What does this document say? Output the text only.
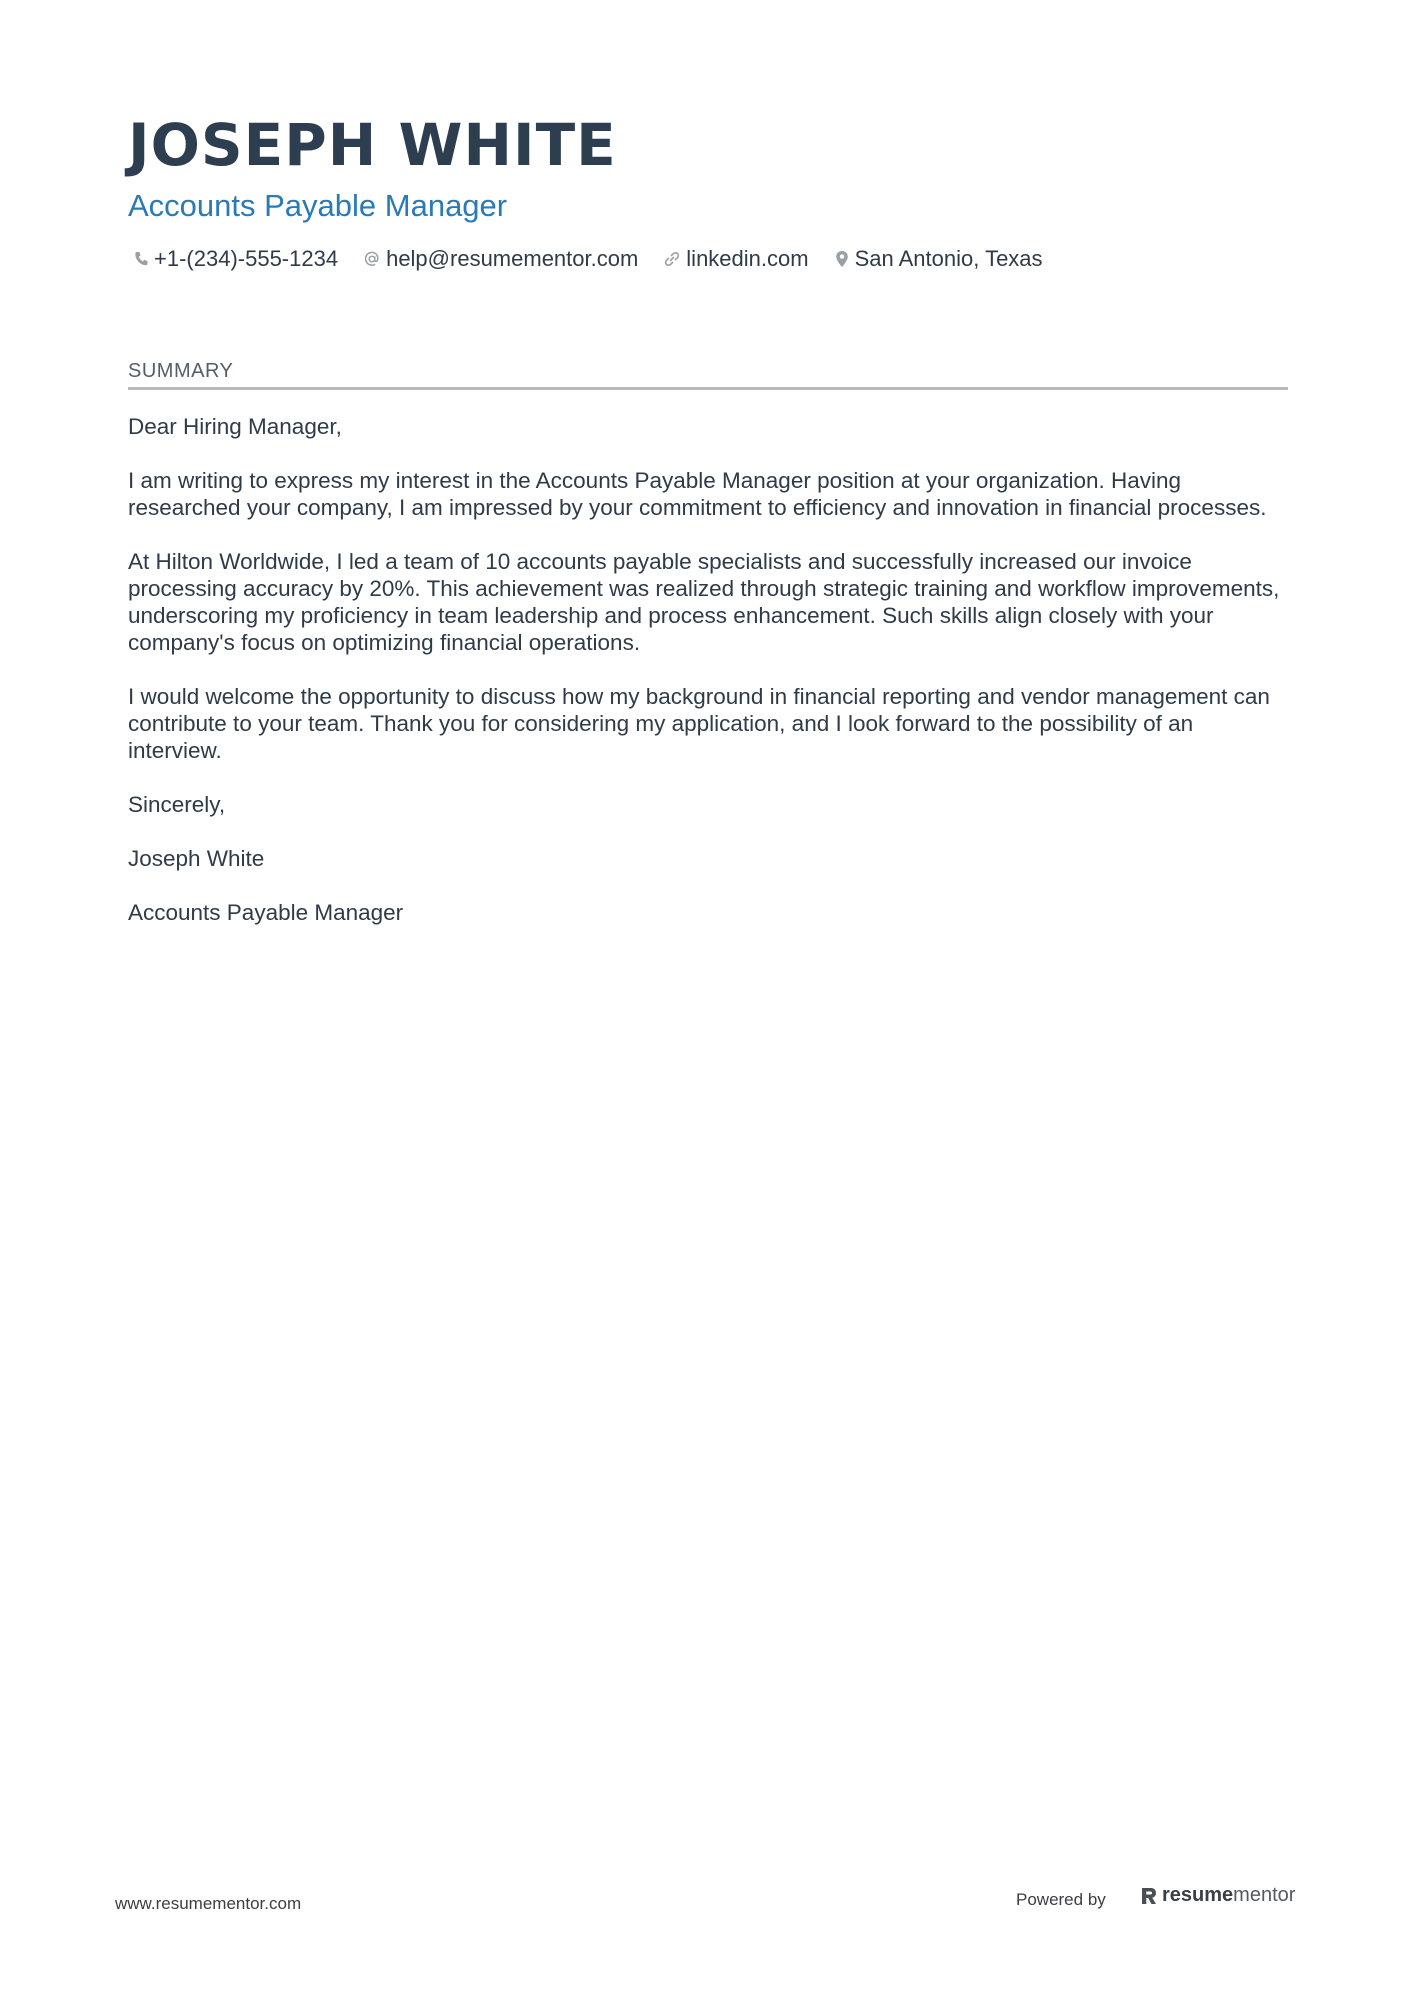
JOSEPH WHITE
Accounts Payable Manager
+1-(234)-555-1234 help@resumementor.com linkedin.com San Antonio, Texas
SUMMARY

Dear Hiring Manager,

I am writing to express my interest in the Accounts Payable Manager position at your organization. Having researched your company, I am impressed by your commitment to efficiency and innovation in financial processes.

At Hilton Worldwide, I led a team of 10 accounts payable specialists and successfully increased our invoice processing accuracy by 20%. This achievement was realized through strategic training and workflow improvements, underscoring my proficiency in team leadership and process enhancement. Such skills align closely with your company's focus on optimizing financial operations.

I would welcome the opportunity to discuss how my background in financial reporting and vendor management can contribute to your team. Thank you for considering my application, and I look forward to the possibility of an interview.

Sincerely,

Joseph White

Accounts Payable Manager

www.resumementor.com	Powered by	resume mentor
